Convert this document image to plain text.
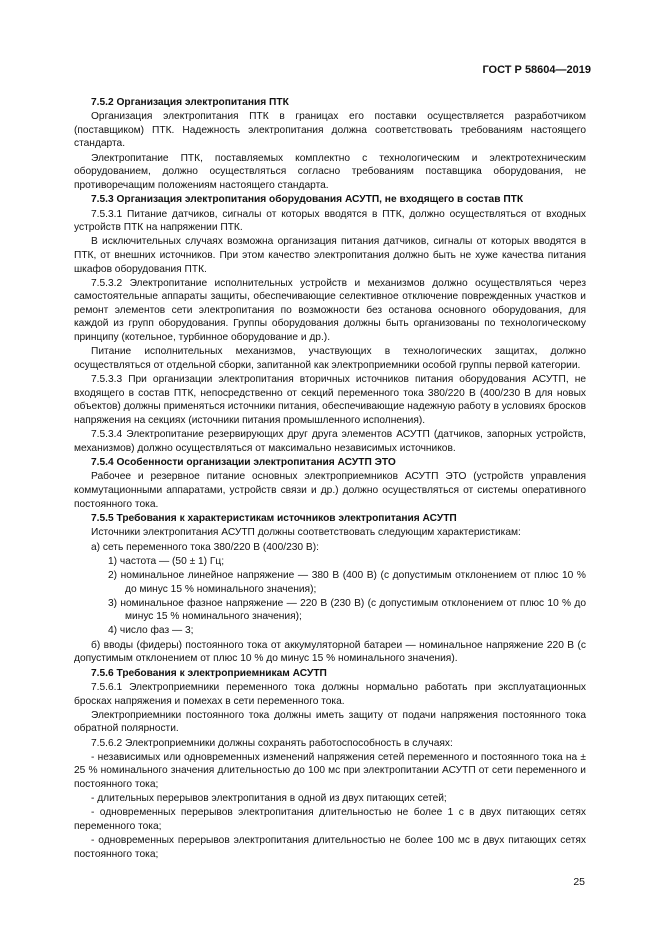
ГОСТ Р 58604—2019
7.5.2 Организация электропитания ПТК

Организация электропитания ПТК в границах его поставки осуществляется разработчиком (поставщиком) ПТК. Надежность электропитания должна соответствовать требованиям настоящего стандарта.

Электропитание ПТК, поставляемых комплектно с технологическим и электротехническим оборудованием, должно осуществляться согласно требованиям поставщика оборудования, не противоречащим положениям настоящего стандарта.

7.5.3 Организация электропитания оборудования АСУТП, не входящего в состав ПТК

7.5.3.1 Питание датчиков, сигналы от которых вводятся в ПТК, должно осуществляться от входных устройств ПТК на напряжении ПТК.

В исключительных случаях возможна организация питания датчиков, сигналы от которых вводятся в ПТК, от внешних источников. При этом качество электропитания должно быть не хуже качества питания шкафов оборудования ПТК.

7.5.3.2 Электропитание исполнительных устройств и механизмов должно осуществляться через самостоятельные аппараты защиты, обеспечивающие селективное отключение поврежденных участков и ремонт элементов сети электропитания по возможности без останова основного оборудования, для каждой из групп оборудования. Группы оборудования должны быть организованы по технологическому принципу (котельное, турбинное оборудование и др.).

Питание исполнительных механизмов, участвующих в технологических защитах, должно осуществляться от отдельной сборки, запитанной как электроприемники особой группы первой категории.

7.5.3.3 При организации электропитания вторичных источников питания оборудования АСУТП, не входящего в состав ПТК, непосредственно от секций переменного тока 380/220 В (400/230 В для новых объектов) должны применяться источники питания, обеспечивающие надежную работу в условиях бросков напряжения на секциях (источники питания промышленного исполнения).

7.5.3.4 Электропитание резервирующих друг друга элементов АСУТП (датчиков, запорных устройств, механизмов) должно осуществляться от максимально независимых источников.

7.5.4 Особенности организации электропитания АСУТП ЭТО

Рабочее и резервное питание основных электроприемников АСУТП ЭТО (устройств управления коммутационными аппаратами, устройств связи и др.) должно осуществляться от системы оперативного постоянного тока.

7.5.5 Требования к характеристикам источников электропитания АСУТП

Источники электропитания АСУТП должны соответствовать следующим характеристикам:

а) сеть переменного тока 380/220 В (400/230 В):

1) частота — (50 ± 1) Гц;

2) номинальное линейное напряжение — 380 В (400 В) (с допустимым отклонением от плюс 10 % до минус 15 % номинального значения);

3) номинальное фазное напряжение — 220 В (230 В) (с допустимым отклонением от плюс 10 % до минус 15 % номинального значения);

4) число фаз — 3;

б) вводы (фидеры) постоянного тока от аккумуляторной батареи — номинальное напряжение 220 В (с допустимым отклонением от плюс 10 % до минус 15 % номинального значения).

7.5.6 Требования к электроприемникам АСУТП

7.5.6.1 Электроприемники переменного тока должны нормально работать при эксплуатационных бросках напряжения и помехах в сети переменного тока.

Электроприемники постоянного тока должны иметь защиту от подачи напряжения постоянного тока обратной полярности.

7.5.6.2 Электроприемники должны сохранять работоспособность в случаях:

- независимых или одновременных изменений напряжения сетей переменного и постоянного тока на ± 25 % номинального значения длительностью до 100 мс при электропитании АСУТП от сети переменного и постоянного тока;

- длительных перерывов электропитания в одной из двух питающих сетей;

- одновременных перерывов электропитания длительностью не более 1 с в двух питающих сетях переменного тока;

- одновременных перерывов электропитания длительностью не более 100 мс в двух питающих сетях постоянного тока;

25
